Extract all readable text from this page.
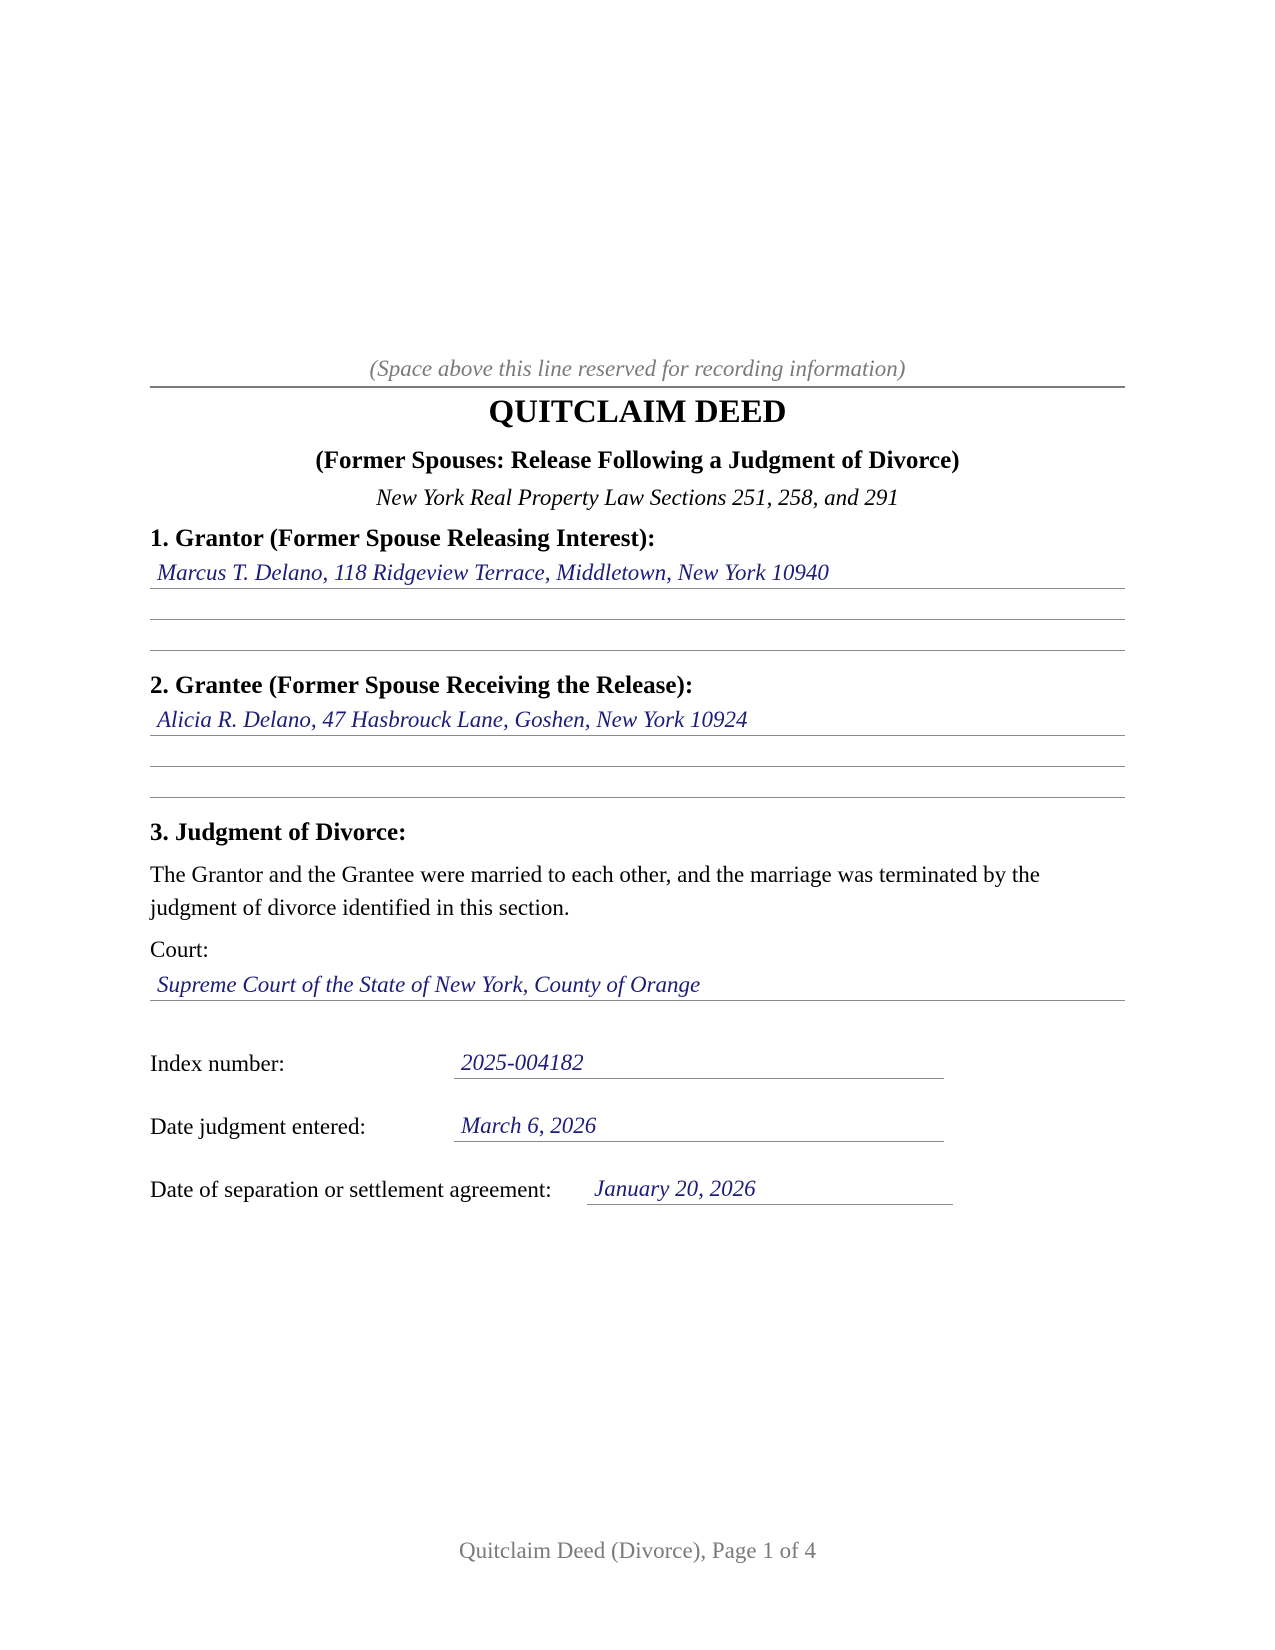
(Space above this line reserved for recording information)
QUITCLAIM DEED
(Former Spouses: Release Following a Judgment of Divorce)
New York Real Property Law Sections 251, 258, and 291
1. Grantor (Former Spouse Releasing Interest):
Marcus T. Delano, 118 Ridgeview Terrace, Middletown, New York 10940
2. Grantee (Former Spouse Receiving the Release):
Alicia R. Delano, 47 Hasbrouck Lane, Goshen, New York 10924
3. Judgment of Divorce:
The Grantor and the Grantee were married to each other, and the marriage was terminated by the judgment of divorce identified in this section.
Court:
Supreme Court of the State of New York, County of Orange
Index number:	2025-004182
Date judgment entered:	March 6, 2026
Date of separation or settlement agreement: January 20, 2026
Quitclaim Deed (Divorce), Page 1 of 4
